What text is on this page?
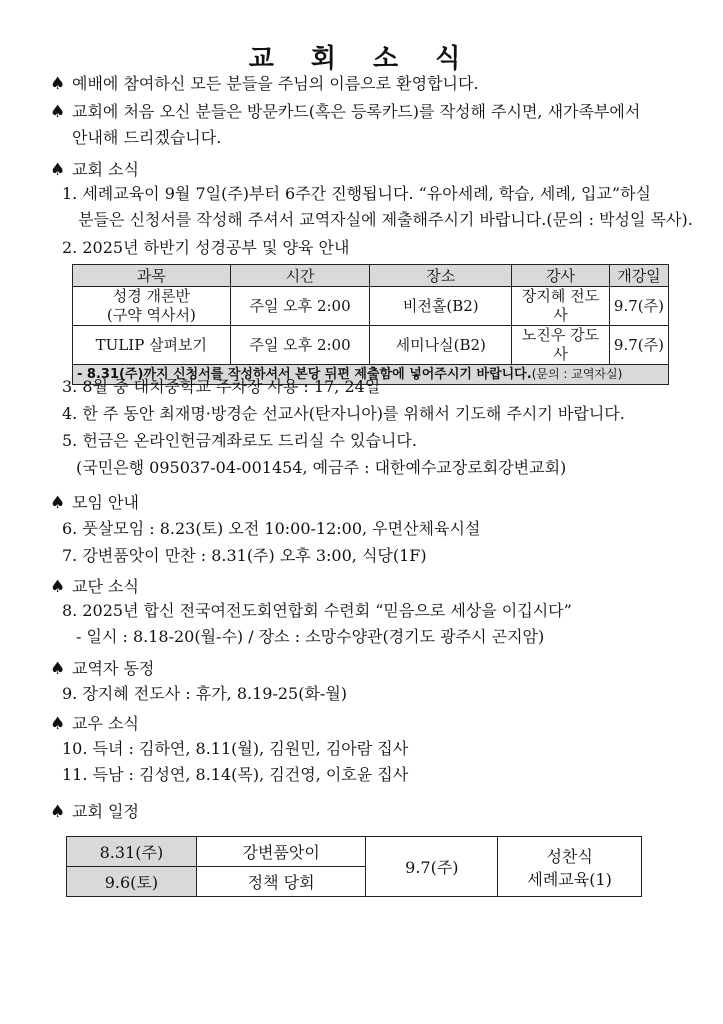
교 회 소 식
♠ 예배에 참여하신 모든 분들을 주님의 이름으로 환영합니다.
♠ 교회에 처음 오신 분들은 방문카드(혹은 등록카드)를 작성해 주시면, 새가족부에서
안내해 드리겠습니다.
♠ 교회 소식
1. 세례교육이 9월 7일(주)부터 6주간 진행됩니다. “유아세례, 학습, 세례, 입교”하실
분들은 신청서를 작성해 주셔서 교역자실에 제출해주시기 바랍니다.(문의 : 박성일 목사).
2. 2025년 하반기 성경공부 및 양육 안내
과목	시간	장소	강사	개강일

성경 개론반
(구약 역사서)	주일 오후 2:00	비전홀(B2)	장지혜 전도사	9.7(주)
TULIP 살펴보기	주일 오후 2:00	세미나실(B2)	노진우 강도사	9.7(주)
- 8.31(주)까지 신청서를 작성하셔서 본당 뒤편 제출함에 넣어주시기 바랍니다.(문의 : 교역자실)				
3. 8월 중 대치중학교 주차장 사용 : 17, 24일
4. 한 주 동안 최재명·방경순 선교사(탄자니아)를 위해서 기도해 주시기 바랍니다.
5. 헌금은 온라인헌금계좌로도 드리실 수 있습니다.
(국민은행 095037-04-001454, 예금주 : 대한예수교장로회강변교회)
♠ 모임 안내
6. 풋살모임 : 8.23(토) 오전 10:00-12:00, 우면산체육시설
7. 강변품앗이 만찬 : 8.31(주) 오후 3:00, 식당(1F)
♠ 교단 소식
8. 2025년 합신 전국여전도회연합회 수련회 “믿음으로 세상을 이깁시다”
- 일시 : 8.18-20(월-수) / 장소 : 소망수양관(경기도 광주시 곤지암)
♠ 교역자 동정
9. 장지혜 전도사 : 휴가, 8.19-25(화-월)
♠ 교우 소식
10. 득녀 : 김하연, 8.11(월), 김원민, 김아람 집사
11. 득남 : 김성연, 8.14(목), 김건영, 이호윤 집사
♠ 교회 일정
8.31(주)	강변품앗이	9.7(주)	성찬식
세례교육(1)

9.6(토)	정책 당회		
